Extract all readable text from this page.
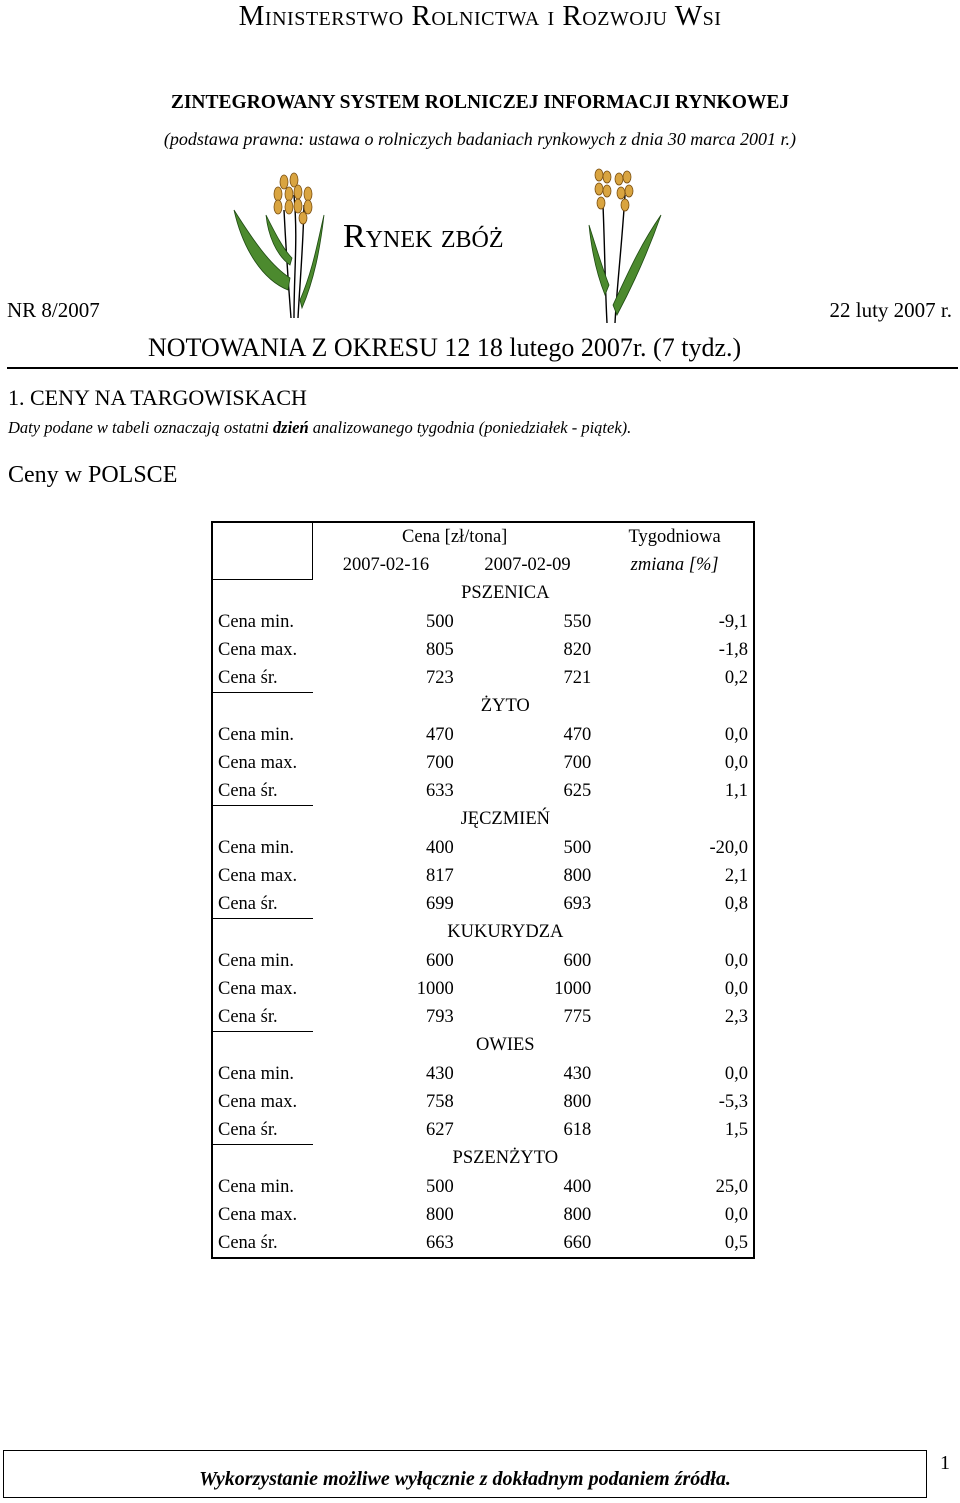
Ministerstwo Rolnictwa i Rozwoju Wsi
ZINTEGROWANY SYSTEM ROLNICZEJ INFORMACJI RYNKOWEJ
(podstawa prawna: ustawa o rolniczych badaniach rynkowych z dnia 30 marca 2001 r.)
Rynek zbóż
NR 8/2007	22 luty 2007 r.
NOTOWANIA Z OKRESU 12 18 lutego 2007r. (7 tydz.)
1. CENY NA TARGOWISKACH
Daty podane w tabeli oznaczają ostatni dzień analizowanego tygodnia (poniedziałek - piątek).
Ceny w POLSCE
	Cena [zł/tona]		Tygodniowa
	2007-02-16	2007-02-09	zmiana [%]
	PSZENICA		
Cena min.	500	550	-9,1
Cena max.	805	820	-1,8
Cena śr.	723	721	0,2
	ŻYTO		
Cena min.	470	470	0,0
Cena max.	700	700	0,0
Cena śr.	633	625	1,1
	JĘCZMIEŃ		
Cena min.	400	500	-20,0
Cena max.	817	800	2,1
Cena śr.	699	693	0,8
	KUKURYDZA		
Cena min.	600	600	0,0
Cena max.	1000	1000	0,0
Cena śr.	793	775	2,3
	OWIES		
Cena min.	430	430	0,0
Cena max.	758	800	-5,3
Cena śr.	627	618	1,5
	PSZENŻYTO		
Cena min.	500	400	25,0
Cena max.	800	800	0,0
Cena śr.	663	660	0,5
Wykorzystanie możliwe wyłącznie z dokładnym podaniem źródła.
1
